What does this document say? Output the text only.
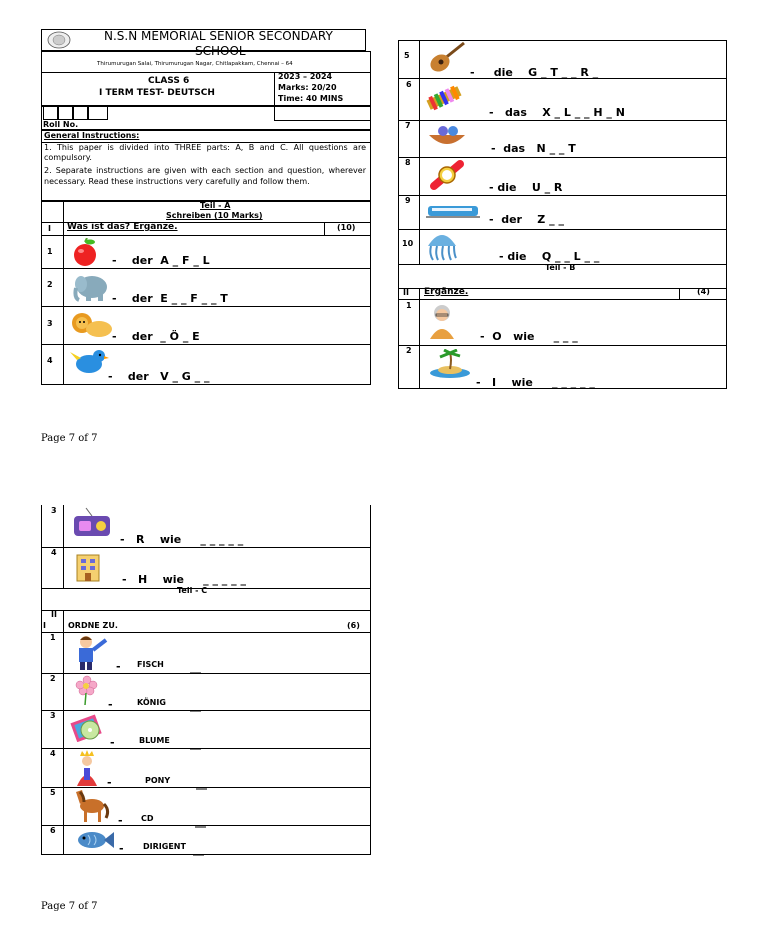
N.S.N MEMORIAL SENIOR SECONDARY
SCHOOL
Thirumurugan Salai, Thirumurugan Nagar, Chitlapakkam, Chennai – 64
CLASS 6
I TERM TEST- DEUTSCH
2023 – 2024
Marks: 20/20
Time: 40 MINS
Roll No.
General Instructions:
1. This paper is divided into THREE parts: A, B and C. All questions are compulsory.
2. Separate instructions are given with each section and question, wherever necessary. Read these instructions very carefully and follow them.
Teil - A
Schreiben (10 Marks)
I Was ist das? Ergänze.	(10)
1
-    der  A _ F _ L
2
-    der  E _ _ F _ _ T
3
-    der  _ Ö _ E
4
-    der   V _ G _ _
5
-     die    G _ T _ _ R _
6
-   das    X _ L _ _ H _ N
7
-  das   N _ _ T
8
- die    U _ R
9
-  der    Z _ _
10
- die    Q _ _ L _ _
Teil - B
II Ergänze.	(4)
1
-  O   wie     _ _ _
2
-   I    wie     _ _ _ _ _
Page 7 of 7
3
-   R    wie     _ _ _ _ _
4
-   H    wie     _ _ _ _ _
Teil - C
II
I	ORDNE ZU.	(6)
1
- FISCH __
2
-	KÖNIG __
3
-	BLUME __
4
-	PONY __
5
- CD	__
6
- DIRIGENT __
Page 7 of 7
